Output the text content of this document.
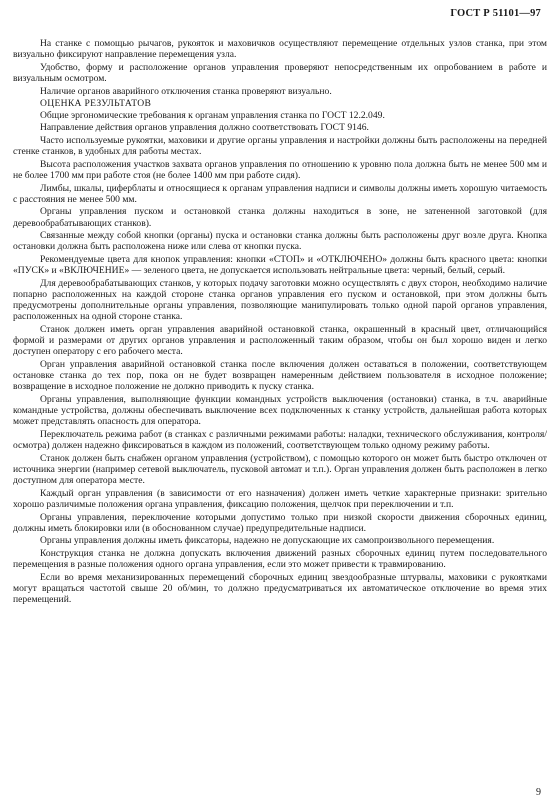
ГОСТ Р 51101—97

На станке с помощью рычагов, рукояток и маховичков осуществляют перемещение отдельных узлов станка, при этом визуально фиксируют направление перемещения узла.

Удобство, форму и расположение органов управления проверяют непосредственным их опробованием в работе и визуальным осмотром.

Наличие органов аварийного отключения станка проверяют визуально.

ОЦЕНКА РЕЗУЛЬТАТОВ

Общие эргономические требования к органам управления станка по ГОСТ 12.2.049.

Направление действия органов управления должно соответствовать ГОСТ 9146.

Часто используемые рукоятки, маховики и другие органы управления и настройки должны быть расположены на передней стенке станков, в удобных для работы местах.

Высота расположения участков захвата органов управления по отношению к уровню пола должна быть не менее 500 мм и не более 1700 мм при работе стоя (не более 1400 мм при работе сидя).

Лимбы, шкалы, циферблаты и относящиеся к органам управления надписи и символы должны иметь хорошую читаемость с расстояния не менее 500 мм.

Органы управления пуском и остановкой станка должны находиться в зоне, не затененной заготовкой (для деревообрабатывающих станков).

Связанные между собой кнопки (органы) пуска и остановки станка должны быть расположены друг возле друга. Кнопка остановки должна быть расположена ниже или слева от кнопки пуска.

Рекомендуемые цвета для кнопок управления: кнопки «СТОП» и «ОТКЛЮЧЕНО» должны быть красного цвета: кнопки «ПУСК» и «ВКЛЮЧЕНИЕ» — зеленого цвета, не допускается использовать нейтральные цвета: черный, белый, серый.

Для деревообрабатывающих станков, у которых подачу заготовки можно осуществлять с двух сторон, необходимо наличие попарно расположенных на каждой стороне станка органов управления его пуском и остановкой, при этом должны быть предусмотрены дополнительные органы управления, позволяющие манипулировать только одной парой органов управления, расположенных на одной стороне станка.

Станок должен иметь орган управления аварийной остановкой станка, окрашенный в красный цвет, отличающийся формой и размерами от других органов управления и расположенный таким образом, чтобы он был хорошо виден и легко доступен оператору с его рабочего места.

Орган управления аварийной остановкой станка после включения должен оставаться в положении, соответствующем остановке станка до тех пор, пока он не будет возвращен намеренным действием пользователя в исходное положение; возвращение в исходное положение не должно приводить к пуску станка.

Органы управления, выполняющие функции командных устройств выключения (остановки) станка, в т.ч. аварийные командные устройства, должны обеспечивать выключение всех подключенных к станку устройств, дальнейшая работа которых может представлять опасность для оператора.

Переключатель режима работ (в станках с различными режимами работы: наладки, технического обслуживания, контроля/осмотра) должен надежно фиксироваться в каждом из положений, соответствующем только одному режиму работы.

Станок должен быть снабжен органом управления (устройством), с помощью которого он может быть быстро отключен от источника энергии (например сетевой выключатель, пусковой автомат и т.п.). Орган управления должен быть расположен в легко доступном для оператора месте.

Каждый орган управления (в зависимости от его назначения) должен иметь четкие характерные признаки: зрительно хорошо различимые положения органа управления, фиксацию положения, щелчок при переключении и т.п.

Органы управления, переключение которыми допустимо только при низкой скорости движения сборочных единиц, должны иметь блокировки или (в обоснованном случае) предупредительные надписи.

Органы управления должны иметь фиксаторы, надежно не допускающие их самопроизвольного перемещения.

Конструкция станка не должна допускать включения движений разных сборочных единиц путем последовательного перемещения в разные положения одного органа управления, если это может привести к травмированию.

Если во время механизированных перемещений сборочных единиц звездообразные штурвалы, маховики с рукоятками могут вращаться частотой свыше 20 об/мин, то должно предусматриваться их автоматическое отключение во время этих перемещений.

9
